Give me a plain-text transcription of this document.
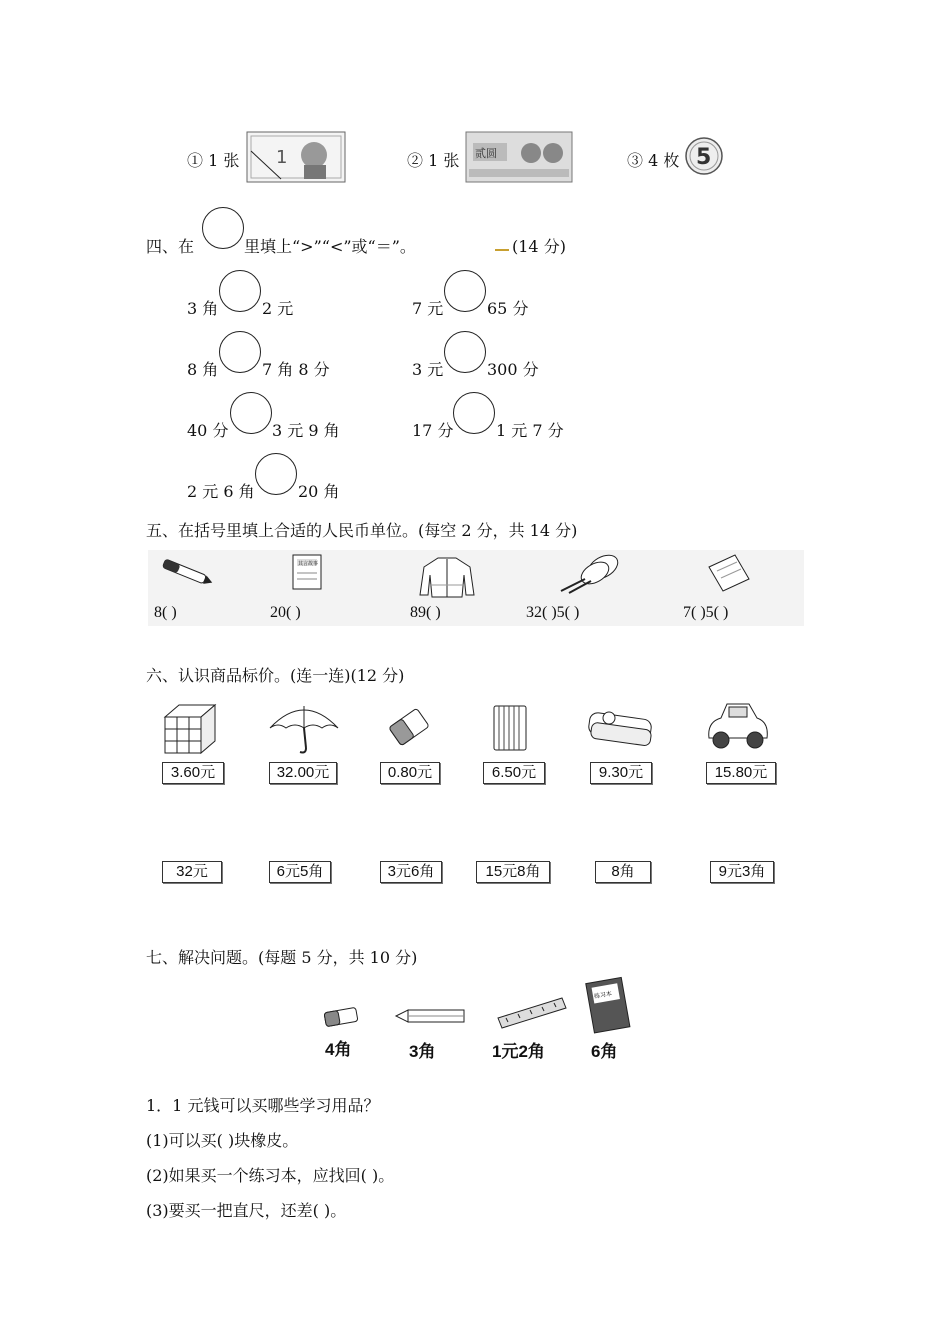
① 1 张 1	② 1 张 贰圆	③ 4 枚 5
四、在	里填上“>”“<”或“＝”。	(14 分)
3 角	2 元	7 元	65 分
8 角	7 角 8 分	3 元	300 分
40 分	3 元 9 角	17 分	1 元 7 分
2 元 6 角	20 角
五、在括号里填上合适的人民币单位。(每空 2 分，共 14 分)
其言故事
8( )	20( )	89( )	32( )5( )	7( )5( )
六、认识商品标价。(连一连)(12 分)
3.60元	32.00元	0.80元	6.50元	9.30元	15.80元
32元	6元5角	3元6角	15元8角	8角	9元3角
七、解决问题。(每题 5 分，共 10 分)
练习本
4角	3角	1元2角	6角
1．1 元钱可以买哪些学习用品？
(1)可以买( )块橡皮。
(2)如果买一个练习本，应找回( )。
(3)要买一把直尺，还差( )。
